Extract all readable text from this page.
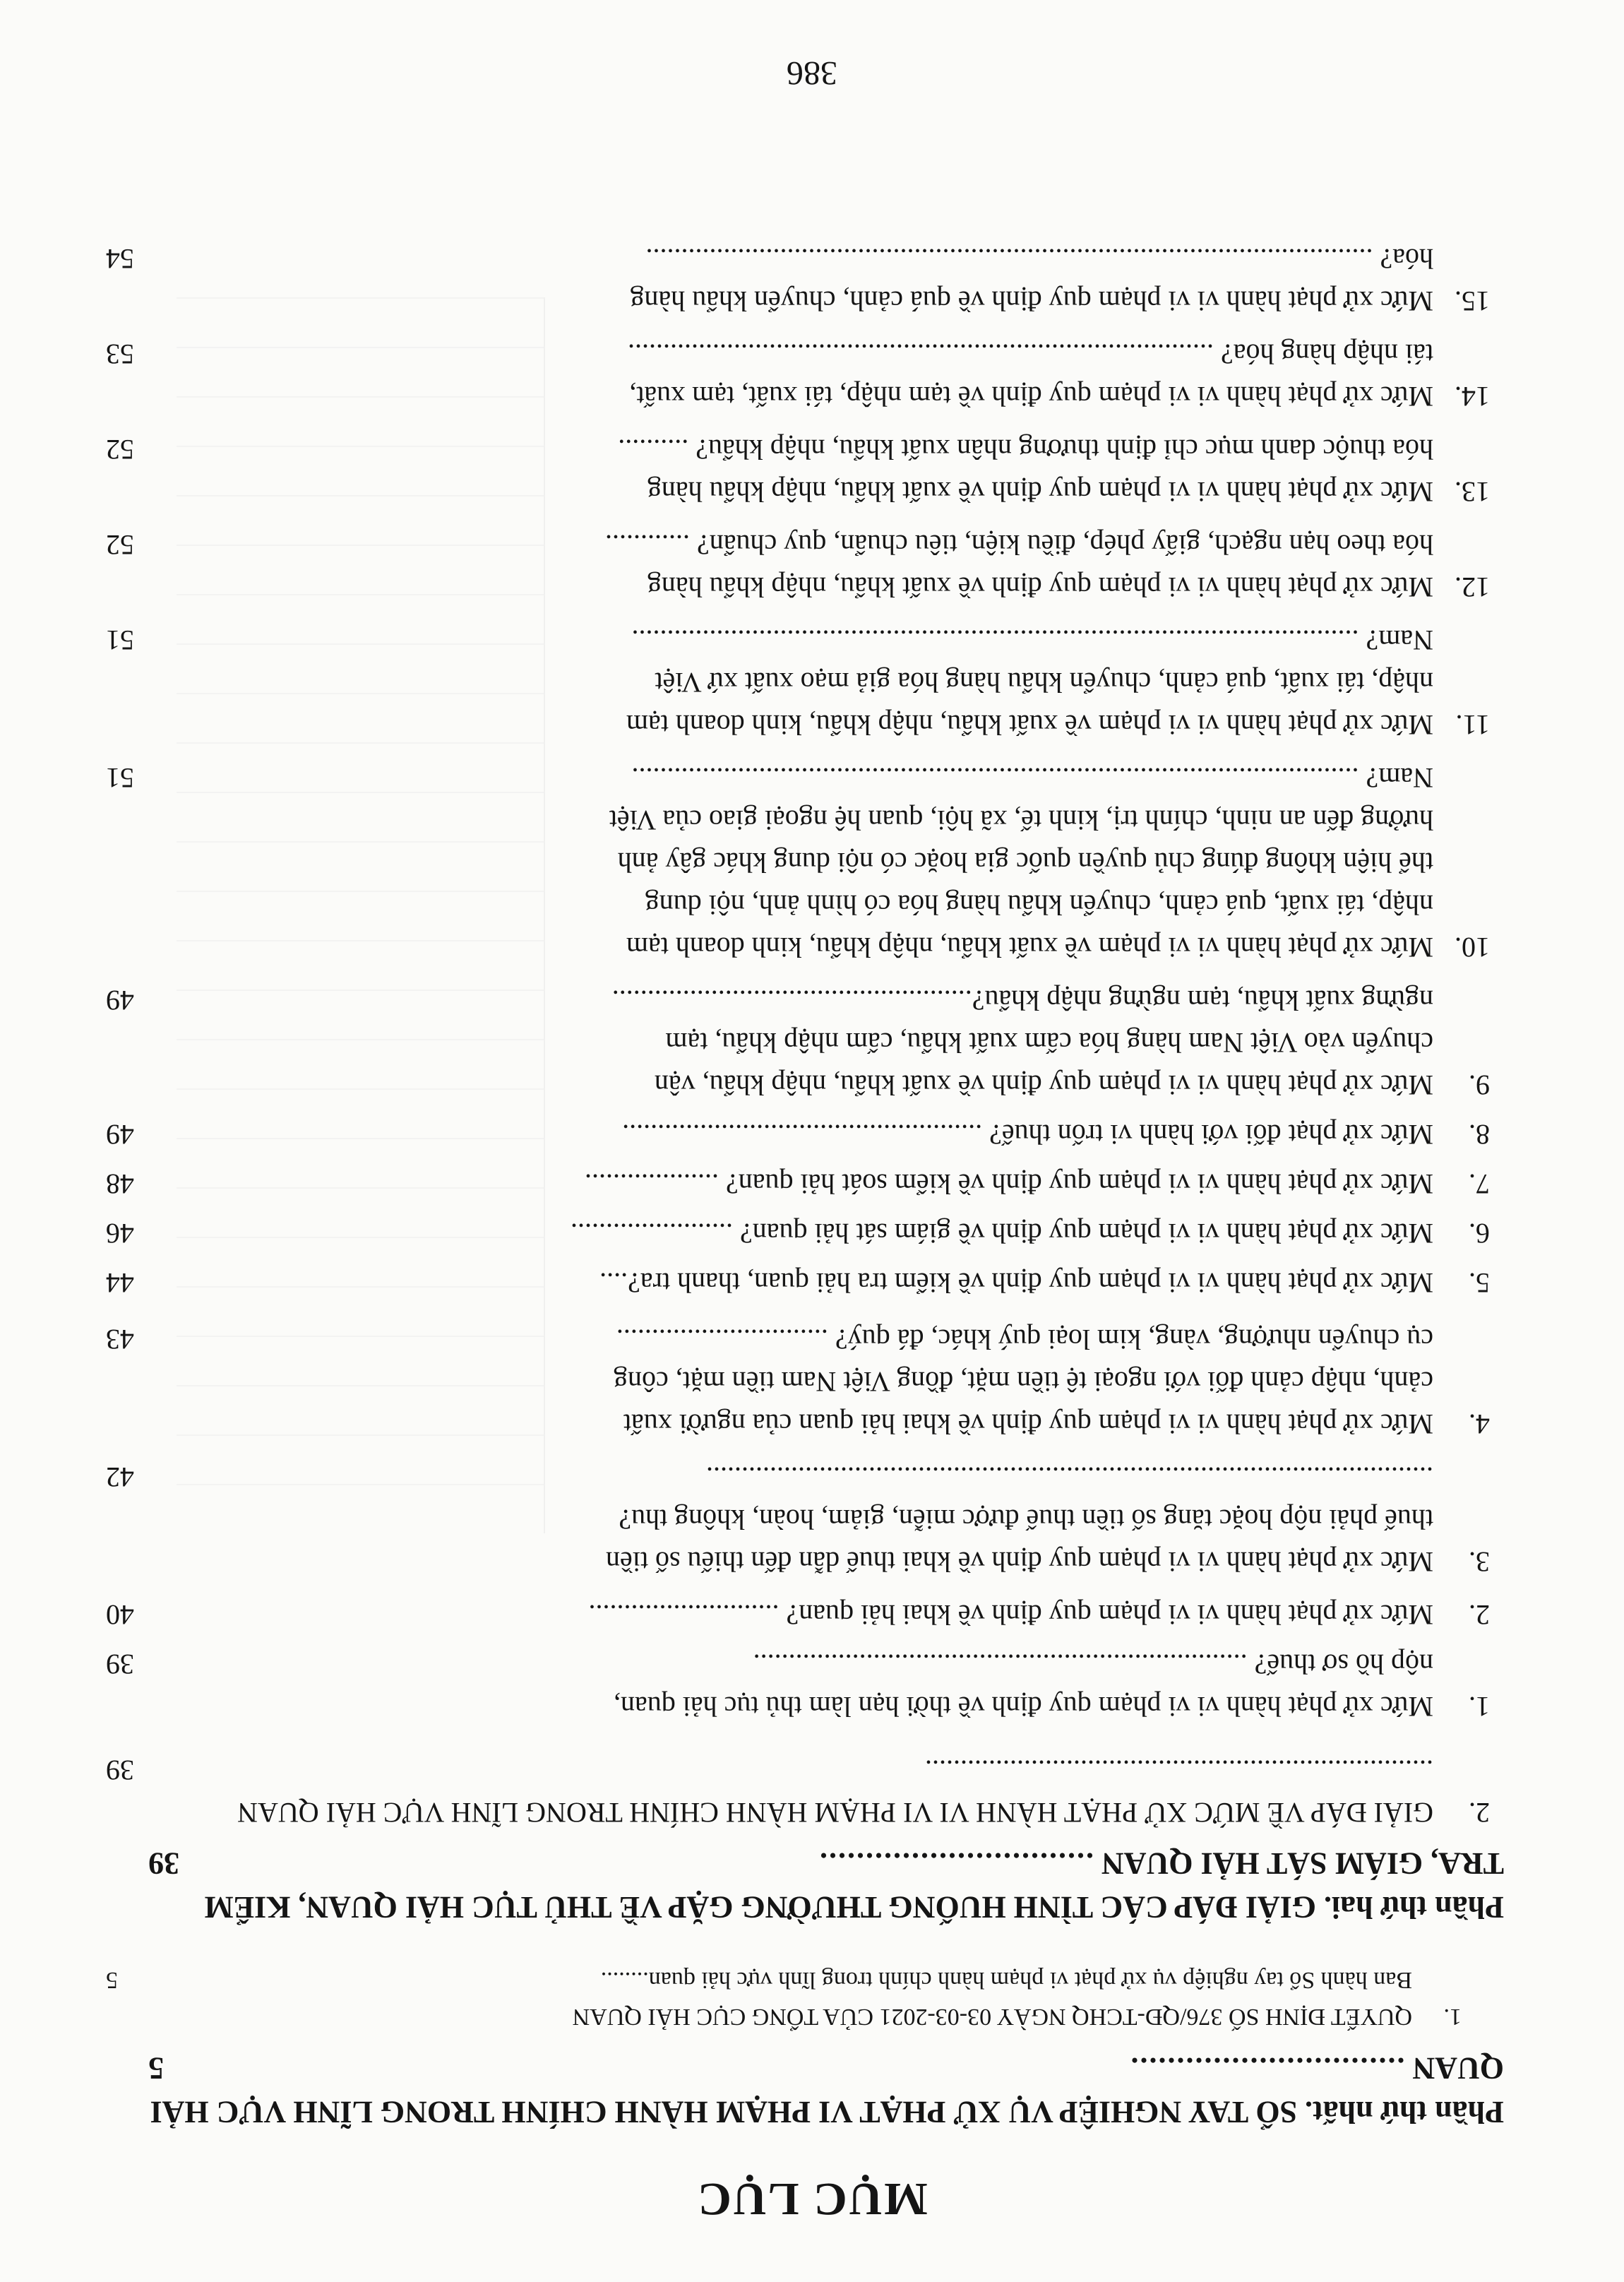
MỤC LỤC
Phần thứ nhất. SỔ TAY NGHIỆP VỤ XỬ PHẠT VI PHẠM HÀNH CHÍNH TRONG LĨNH VỰC HẢI QUAN ..............................
5
1.
QUYẾT ĐỊNH SỐ 376/QĐ-TCHQ NGÀY 03-03-2021 CỦA TỔNG CỤC HẢI QUAN
Ban hành Sổ tay nghiệp vụ xử phạt vi phạm hành chính trong lĩnh vực hải quan........
5
Phần thứ hai. GIẢI ĐÁP CÁC TÌNH HUỐNG THƯỜNG GẶP VỀ THỦ TỤC HẢI QUAN, KIỂM TRA, GIÁM SÁT HẢI QUAN ..............................
39
2.
GIẢI ĐÁP VỀ MỨC XỬ PHẠT HÀNH VI VI PHẠM HÀNH CHÍNH TRONG LĨNH VỰC HẢI QUAN ........................................................................
39
1.
Mức xử phạt hành vi vi phạm quy định về thời hạn làm thủ tục hải quan,
nộp hồ sơ thuế? ......................................................................
39
2.
Mức xử phạt hành vi vi phạm quy định về khai hải quan? ...........................
40
3.
Mức xử phạt hành vi vi phạm quy định về khai thuế dẫn đến thiếu số tiền
thuế phải nộp hoặc tăng số tiền thuế được miễn, giảm, hoàn, không thu?
.......................................................................................................
42
4.
Mức xử phạt hành vi vi phạm quy định về khai hải quan của người xuất
cảnh, nhập cảnh đối với ngoại tệ tiền mặt, đồng Việt Nam tiền mặt, công
cụ chuyển nhượng, vàng, kim loại quý khác, đá quý? ..............................
43
5.
Mức xử phạt hành vi vi phạm quy định về kiểm tra hải quan, thanh tra?....
44
6.
Mức xử phạt hành vi vi phạm quy định về giám sát hải quan? .......................
46
7.
Mức xử phạt hành vi vi phạm quy định về kiểm soát hải quan? ...................
48
8.
Mức xử phạt đối với hành vi trốn thuế? ...................................................
49
9.
Mức xử phạt hành vi vi phạm quy định về xuất khẩu, nhập khẩu, vận
chuyển vào Việt Nam hàng hóa cấm xuất khẩu, cấm nhập khẩu, tạm
ngừng xuất khẩu, tạm ngừng nhập khẩu?...................................................
49
10.
Mức xử phạt hành vi vi phạm về xuất khẩu, nhập khẩu, kinh doanh tạm
nhập, tái xuất, quá cảnh, chuyển khẩu hàng hóa có hình ảnh, nội dung
thể hiện không đúng chủ quyền quốc gia hoặc có nội dung khác gây ảnh
hưởng đến an ninh, chính trị, kinh tế, xã hội, quan hệ ngoại giao của Việt
Nam? .......................................................................................................
51
11.
Mức xử phạt hành vi vi phạm về xuất khẩu, nhập khẩu, kinh doanh tạm
nhập, tái xuất, quá cảnh, chuyển khẩu hàng hóa giả mạo xuất xứ Việt
Nam? .......................................................................................................
51
12.
Mức xử phạt hành vi vi phạm quy định về xuất khẩu, nhập khẩu hàng
hóa theo hạn ngạch, giấy phép, điều kiện, tiêu chuẩn, quy chuẩn? ............
52
13.
Mức xử phạt hành vi vi phạm quy định về xuất khẩu, nhập khẩu hàng
hóa thuộc danh mục chỉ định thương nhân xuất khẩu, nhập khẩu? ..........
52
14.
Mức xử phạt hành vi vi phạm quy định về tạm nhập, tái xuất, tạm xuất,
tái nhập hàng hóa? ...................................................................................
53
15.
Mức xử phạt hành vi vi phạm quy định về quá cảnh, chuyển khẩu hàng
hóa? .......................................................................................................
54
386
